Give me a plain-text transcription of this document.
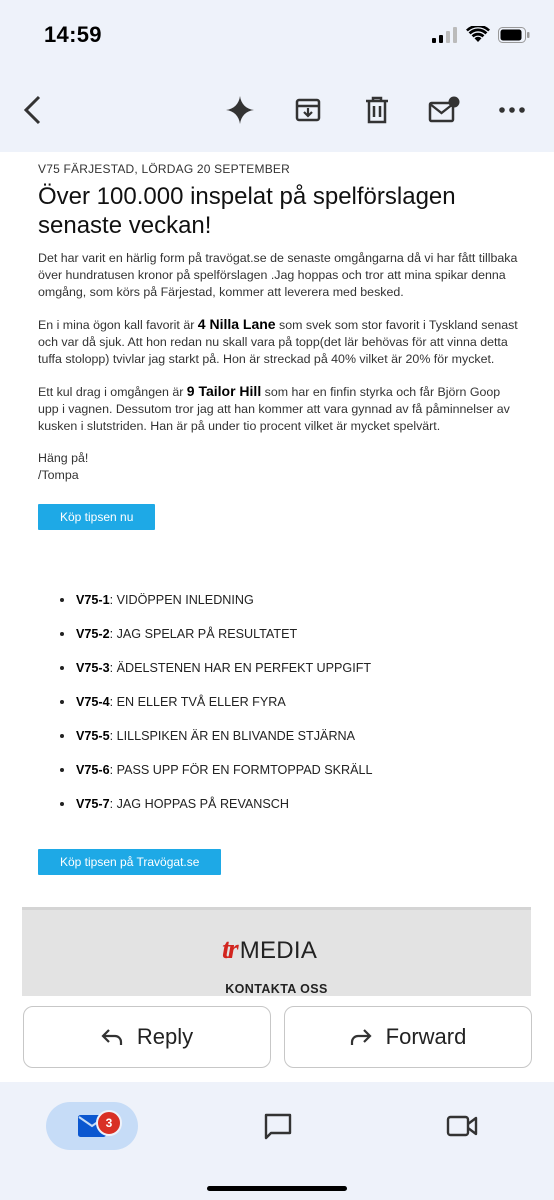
14:59
V75 FÄRJESTAD, LÖRDAG 20 SEPTEMBER
Över 100.000 inspelat på spelförslagen senaste veckan!

Det har varit en härlig form på travögat.se de senaste omgångarna då vi har fått tillbaka över hundratusen kronor på spelförslagen .Jag hoppas och tror att mina spikar denna omgång, som körs på Färjestad, kommer att leverera med besked.

En i mina ögon kall favorit är 4 Nilla Lane som svek som stor favorit i Tyskland senast och var då sjuk. Att hon redan nu skall vara på topp(det lär behövas för att vinna detta tuffa stolopp) tvivlar jag starkt på. Hon är streckad på 40% vilket är 20% för mycket.

Ett kul drag i omgången är 9 Tailor Hill som har en finfin styrka och får Björn Goop upp i vagnen. Dessutom tror jag att han kommer att vara gynnad av få påminnelser av kusken i slutstriden. Han är på under tio procent vilket är mycket spelvärt.

Häng på!
/Tompa

Köp tipsen nu
V75-1: VIDÖPPEN INLEDNING
V75-2: JAG SPELAR PÅ RESULTATET
V75-3: ÄDELSTENEN HAR EN PERFEKT UPPGIFT
V75-4: EN ELLER TVÅ ELLER FYRA
V75-5: LILLSPIKEN ÄR EN BLIVANDE STJÄRNA
V75-6: PASS UPP FÖR EN FORMTOPPAD SKRÄLL
V75-7: JAG HOPPAS PÅ REVANSCH
Köp tipsen på Travögat.se
tr MEDIA
KONTAKTA OSS
Reply	Forward
3
